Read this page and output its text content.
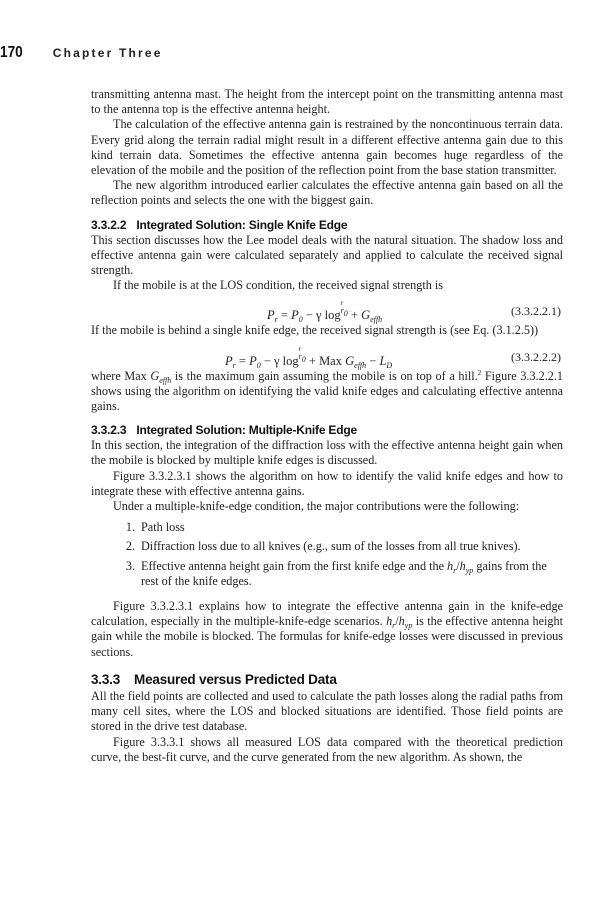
170	Chapter Three

transmitting antenna mast. The height from the intercept point on the transmitting antenna mast to the antenna top is the effective antenna height.

The calculation of the effective antenna gain is restrained by the noncontinuous terrain data. Every grid along the terrain radial might result in a different effective antenna gain due to this kind terrain data. Sometimes the effective antenna gain becomes huge regardless of the elevation of the mobile and the position of the reflection point from the base station transmitter.

The new algorithm introduced earlier calculates the effective antenna gain based on all the reflection points and selects the one with the biggest gain.

3.3.2.2 Integrated Solution: Single Knife Edge

This section discusses how the Lee model deals with the natural situation. The shadow loss and effective antenna gain were calculated separately and applied to calculate the received signal strength.

If the mobile is at the LOS condition, the received signal strength is

$P_r = P_0 - \gamma$ log
r
$r0 + G_{effh}$
(3.3.2.2.1)

If the mobile is behind a single knife edge, the received signal strength is (see Eq. (3.1.2.5))

$P_r = P_0 - \gamma$ log
r
r0 + Max $G_{effh} - L_D$
(3.3.2.2.2)

where Max $G_{effh}$ is the maximum gain assuming the mobile is on top of a hill.$^2$ Figure 3.3.2.2.1 shows using the algorithm on identifying the valid knife edges and calculating effective antenna gains.

3.3.2.3 Integrated Solution: Multiple-Knife Edge

In this section, the integration of the diffraction loss with the effective antenna height gain when the mobile is blocked by multiple knife edges is discussed.

Figure 3.3.2.3.1 shows the algorithm on how to identify the valid knife edges and how to integrate these with effective antenna gains.

Under a multiple-knife-edge condition, the major contributions were the following:

1. Path loss
2. Diffraction loss due to all knives (e.g., sum of the losses from all true knives).
3. Effective antenna height gain from the first knife edge and the $h_r/h_{yp}$ gains from the rest of the knife edges.

Figure 3.3.2.3.1 explains how to integrate the effective antenna gain in the knife-edge calculation, especially in the multiple-knife-edge scenarios. $h_r/h_{yp}$ is the effective antenna height gain while the mobile is blocked. The formulas for knife-edge losses were discussed in previous sections.

3.3.3 Measured versus Predicted Data

All the field points are collected and used to calculate the path losses along the radial paths from many cell sites, where the LOS and blocked situations are identified. Those field points are stored in the drive test database.

Figure 3.3.3.1 shows all measured LOS data compared with the theoretical prediction curve, the best-fit curve, and the curve generated from the new algorithm. As shown, the
